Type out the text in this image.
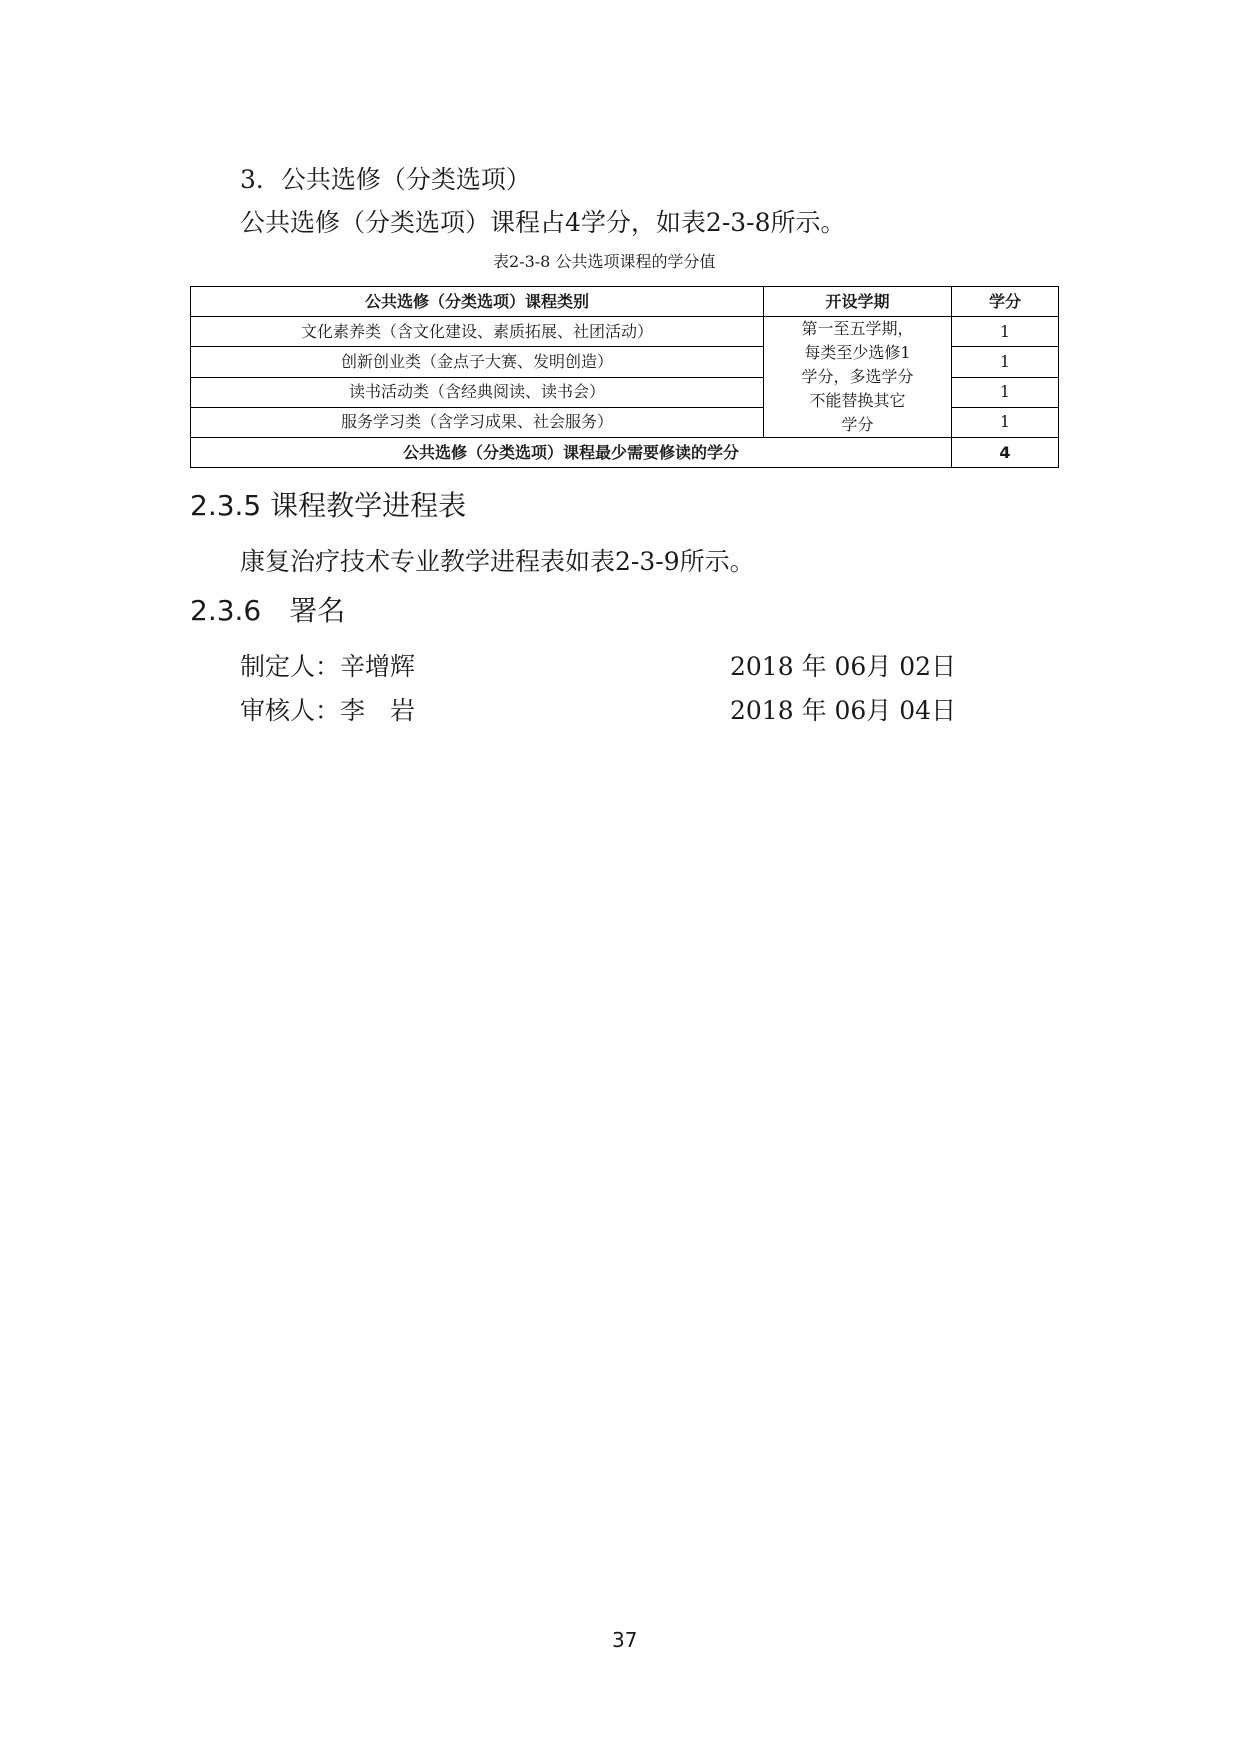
3．公共选修（分类选项）
公共选修（分类选项）课程占4学分，如表2-3-8所示。
表2-3-8 公共选项课程的学分值
公共选修（分类选项）课程类别	开设学期	学分
文化素养类（含文化建设、素质拓展、社团活动）	第一至五学期，
每类至少选修1
学分，多选学分
不能替换其它
学分	1
创新创业类（金点子大赛、发明创造）		1
读书活动类（含经典阅读、读书会）		1
服务学习类（含学习成果、社会服务）		1
公共选修（分类选项）课程最少需要修读的学分		4
2.3.5 课程教学进程表
康复治疗技术专业教学进程表如表2-3-9所示。
2.3.6　署名
制定人：辛增辉	2018 年 06月 02日
审核人：李　岩	2018 年 06月 04日
37
